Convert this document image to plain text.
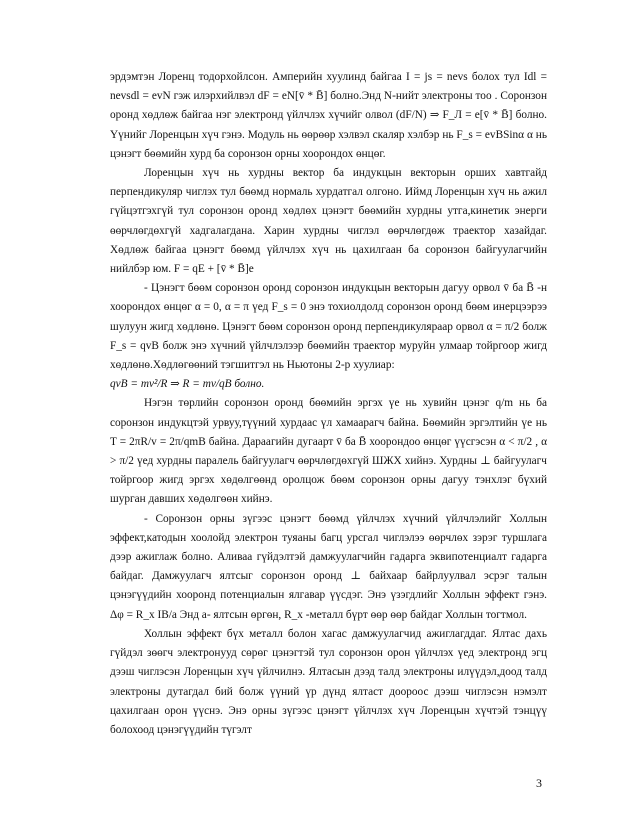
эрдэмтэн Лоренц тодорхойлсон. Амперийн хуулинд байгаа I = js = nevs болох тул Idl = nevsdl = evN гэж илэрхийлвэл dF = eN[v̄ * B̄] болно.Энд N-нийт электроны тоо . Соронзон оронд хөдлөж байгаа нэг электронд үйлчлэх хүчийг олвол (dF/N) ⇒ F_Л = e[v̄ * B̄] болно. Үүнийг Лоренцын хүч гэнэ. Модуль нь өөрөөр хэлвэл скаляр хэлбэр нь F_s = evBSinα α нь цэнэгт бөөмийн хурд ба соронзон орны хоорондох өнцөг.

Лоренцын хүч нь хурдны вектор ба индукцын векторын орших хавтгайд перпендикуляр чиглэх тул бөөмд нормаль хурдатгал олгоно. Иймд Лоренцын хүч нь ажил гүйцэтгэхгүй тул соронзон оронд хөдлөх цэнэгт бөөмийн хурдны утга,кинетик энерги өөрчлөгдөхгүй хадгалагдана. Харин хурдны чиглэл өөрчлөгдөж траектор хазайдаг. Хөдлөж байгаа цэнэгт бөөмд үйлчлэх хүч нь цахилгаан ба соронзон байгуулагчийн нийлбэр юм. F = qE + [v̄ * B̄]e

- Цэнэгт бөөм соронзон оронд соронзон индукцын векторын дагуу орвол v̄ ба B̄ -н хоорондох өнцөг α = 0, α = π үед F_s = 0 энэ тохиолдолд соронзон оронд бөөм инерцээрээ шулуун жигд хөдлөнө. Цэнэгт бөөм соронзон оронд перпендикуляраар орвол α = π/2 болж F_s = qvB болж энэ хүчний үйлчлэлээр бөөмийн траектор муруйн улмаар тойргоор жигд хөдлөнө.Хөдлөгөөний тэгшитгэл нь Ньютоны 2-р хуулиар:

qvB = mv²/R ⇒ R = mv/qB болно.

Нэгэн төрлийн соронзон оронд бөөмийн эргэх үе нь хувийн цэнэг q/m нь ба соронзон индукцтэй урвуу,түүний хурдаас үл хамаарагч байна. Бөөмийн эргэлтийн үе нь T = 2πR/v = 2π/qmB байна. Дараагийн дугаарт v̄ ба B̄ хоорондоо өнцөг үүсгэсэн α < π/2 , α > π/2 үед хурдны паралель байгуулагч өөрчлөгдөхгүй ШЖХ хийнэ. Хурдны ⊥ байгуулагч тойргоор жигд эргэх хөдөлгөөнд оролцож бөөм соронзон орны дагуу тэнхлэг бүхий шурган давших хөдөлгөөн хийнэ.

- Соронзон орны зүгээс цэнэгт бөөмд үйлчлэх хүчний үйлчлэлийг Холлын эффект,катодын хоолойд электрон туяаны багц урсгал чиглэлээ өөрчлөх зэрэг туршлага дээр ажиглаж болно. Аливаа гүйдэлтэй дамжуулагчийн гадарга эквипотенциалт гадарга байдаг. Дамжуулагч ялтсыг соронзон оронд ⊥ байхаар байрлуулвал эсрэг талын цэнэгүүдийн хооронд потенциалын ялгавар үүсдэг. Энэ үзэгдлийг Холлын эффект гэнэ. Δφ = R_x IB/a Энд а- ялтсын өргөн, R_x -металл бүрт өөр өөр байдаг Холлын тогтмол.

Холлын эффект бүх металл болон хагас дамжуулагчид ажиглагддаг. Ялтас дахь гүйдэл зөөгч электронууд сөрөг цэнэгтэй тул соронзон орон үйлчлэх үед электронд эгц дээш чиглэсэн Лоренцын хүч үйлчилнэ. Ялтасын дээд талд электроны илүүдэл,доод талд электроны дутагдал бий болж үүний үр дүнд ялтаст доороос дээш чиглэсэн нэмэлт цахилгаан орон үүснэ. Энэ орны зүгээс цэнэгт үйлчлэх хүч Лоренцын хүчтэй тэнцүү болохоод цэнэгүүдийн түгэлт

3
